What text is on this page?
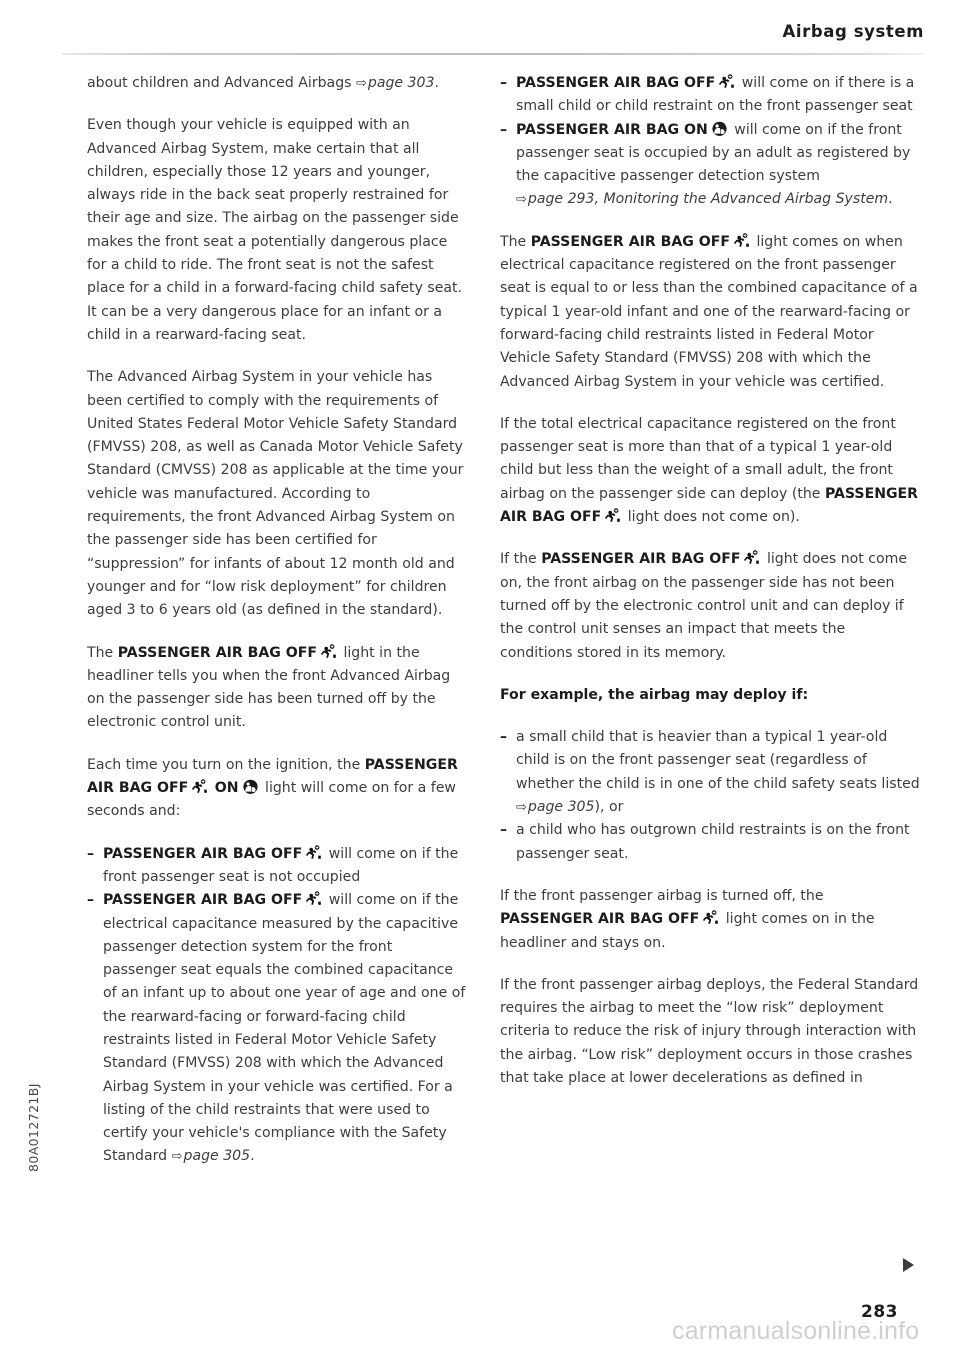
Airbag system

about children and Advanced Airbags ⇨page 303.

Even though your vehicle is equipped with an Advanced Airbag System, make certain that all children, especially those 12 years and younger, always ride in the back seat properly restrained for their age and size. The airbag on the passenger side makes the front seat a potentially dangerous place for a child to ride. The front seat is not the safest place for a child in a forward-facing child safety seat. It can be a very dangerous place for an infant or a child in a rearward-facing seat.

The Advanced Airbag System in your vehicle has been certified to comply with the requirements of United States Federal Motor Vehicle Safety Standard (FMVSS) 208, as well as Canada Motor Vehicle Safety Standard (CMVSS) 208 as applicable at the time your vehicle was manufactured. According to requirements, the front Advanced Airbag System on the passenger side has been certified for “suppression” for infants of about 12 month old and younger and for “low risk deployment” for children aged 3 to 6 years old (as defined in the standard).

The PASSENGER AIR BAG OFF light in the headliner tells you when the front Advanced Airbag on the passenger side has been turned off by the electronic control unit.

Each time you turn on the ignition, the PASSENGER AIR BAG OFF ON light will come on for a few seconds and:

– PASSENGER AIR BAG OFF will come on if the front passenger seat is not occupied
– PASSENGER AIR BAG OFF will come on if the electrical capacitance measured by the capacitive passenger detection system for the front passenger seat equals the combined capacitance of an infant up to about one year of age and one of the rearward-facing or forward-facing child restraints listed in Federal Motor Vehicle Safety Standard (FMVSS) 208 with which the Advanced Airbag System in your vehicle was certified. For a listing of the child restraints that were used to certify your vehicle's compliance with the Safety Standard ⇨page 305.
– PASSENGER AIR BAG OFF will come on if there is a small child or child restraint on the front passenger seat
– PASSENGER AIR BAG ON will come on if the front passenger seat is occupied by an adult as registered by the capacitive passenger detection system ⇨page 293, Monitoring the Advanced Airbag System.

The PASSENGER AIR BAG OFF light comes on when electrical capacitance registered on the front passenger seat is equal to or less than the combined capacitance of a typical 1 year-old infant and one of the rearward-facing or forward-facing child restraints listed in Federal Motor Vehicle Safety Standard (FMVSS) 208 with which the Advanced Airbag System in your vehicle was certified.

If the total electrical capacitance registered on the front passenger seat is more than that of a typical 1 year-old child but less than the weight of a small adult, the front airbag on the passenger side can deploy (the PASSENGER AIR BAG OFF light does not come on).

If the PASSENGER AIR BAG OFF light does not come on, the front airbag on the passenger side has not been turned off by the electronic control unit and can deploy if the control unit senses an impact that meets the conditions stored in its memory.

For example, the airbag may deploy if:

– a small child that is heavier than a typical 1 year-old child is on the front passenger seat (regardless of whether the child is in one of the child safety seats listed ⇨page 305), or
– a child who has outgrown child restraints is on the front passenger seat.

If the front passenger airbag is turned off, the PASSENGER AIR BAG OFF light comes on in the headliner and stays on.

If the front passenger airbag deploys, the Federal Standard requires the airbag to meet the “low risk” deployment criteria to reduce the risk of injury through interaction with the airbag. “Low risk” deployment occurs in those crashes that take place at lower decelerations as defined in

80A012721BJ
carmanualsonline.info
283
